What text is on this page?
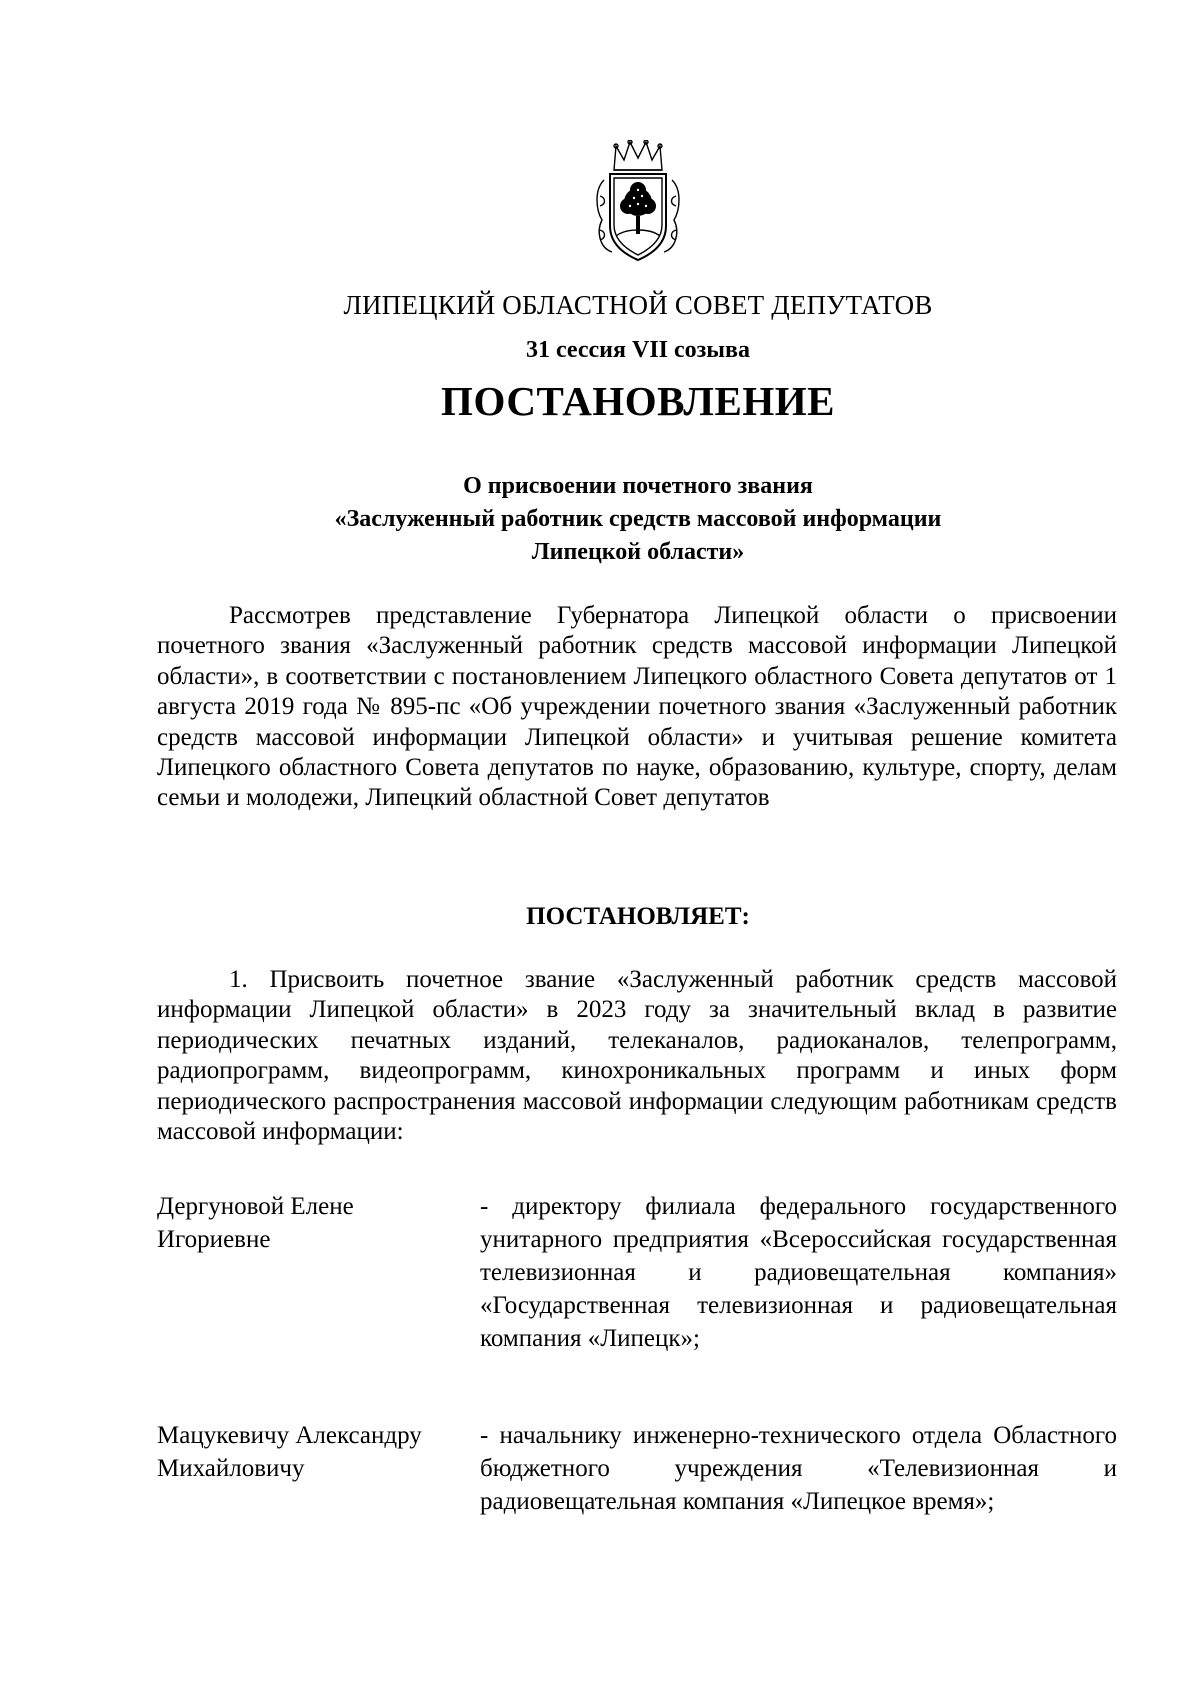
ЛИПЕЦКИЙ ОБЛАСТНОЙ СОВЕТ ДЕПУТАТОВ
31 сессия VII созыва
ПОСТАНОВЛЕНИЕ
О присвоении почетного звания
«Заслуженный работник средств массовой информации
Липецкой области»
Рассмотрев представление Губернатора Липецкой области о присвоении почетного звания «Заслуженный работник средств массовой информации Липецкой области», в соответствии с постановлением Липецкого областного Совета депутатов от 1 августа 2019 года № 895-пс «Об учреждении почетного звания «Заслуженный работник средств массовой информации Липецкой области» и учитывая решение комитета Липецкого областного Совета депутатов по науке, образованию, культуре, спорту, делам семьи и молодежи, Липецкий областной Совет депутатов
ПОСТАНОВЛЯЕТ:
1. Присвоить почетное звание «Заслуженный работник средств массовой информации Липецкой области» в 2023 году за значительный вклад в развитие периодических печатных изданий, телеканалов, радиоканалов, телепрограмм, радиопрограмм, видеопрограмм, кинохроникальных программ и иных форм периодического распространения массовой информации следующим работникам средств массовой информации:
Дергуновой Елене
Игориевне
- директору филиала федерального государственного унитарного предприятия «Всероссийская государственная телевизионная и радиовещательная компания» «Государственная телевизионная и радиовещательная компания «Липецк»;
Мацукевичу Александру
Михайловичу
- начальнику инженерно-технического отдела Областного бюджетного учреждения «Телевизионная и радиовещательная компания «Липецкое время»;
